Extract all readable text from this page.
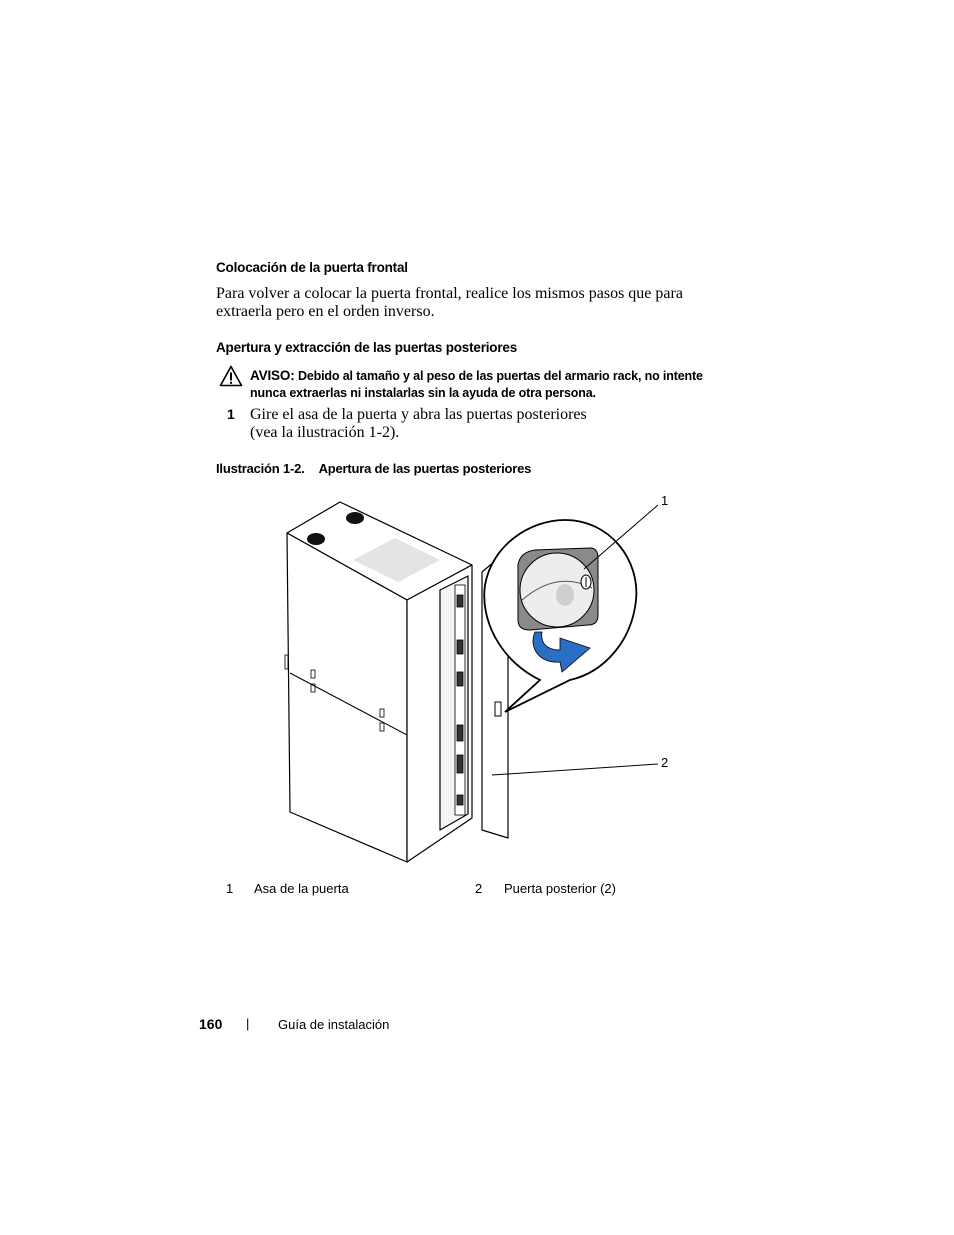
Colocación de la puerta frontal
Para volver a colocar la puerta frontal, realice los mismos pasos que para
extraerla pero en el orden inverso.
Apertura y extracción de las puertas posteriores
AVISO: Debido al tamaño y al peso de las puertas del armario rack, no intente
nunca extraerlas ni instalarlas sin la ayuda de otra persona.
1 Gire el asa de la puerta y abra las puertas posteriores
(vea la ilustración 1-2).
Ilustración 1-2. Apertura de las puertas posteriores
1
2
1 Asa de la puerta	2 Puerta posterior (2)
160 | Guía de instalación
